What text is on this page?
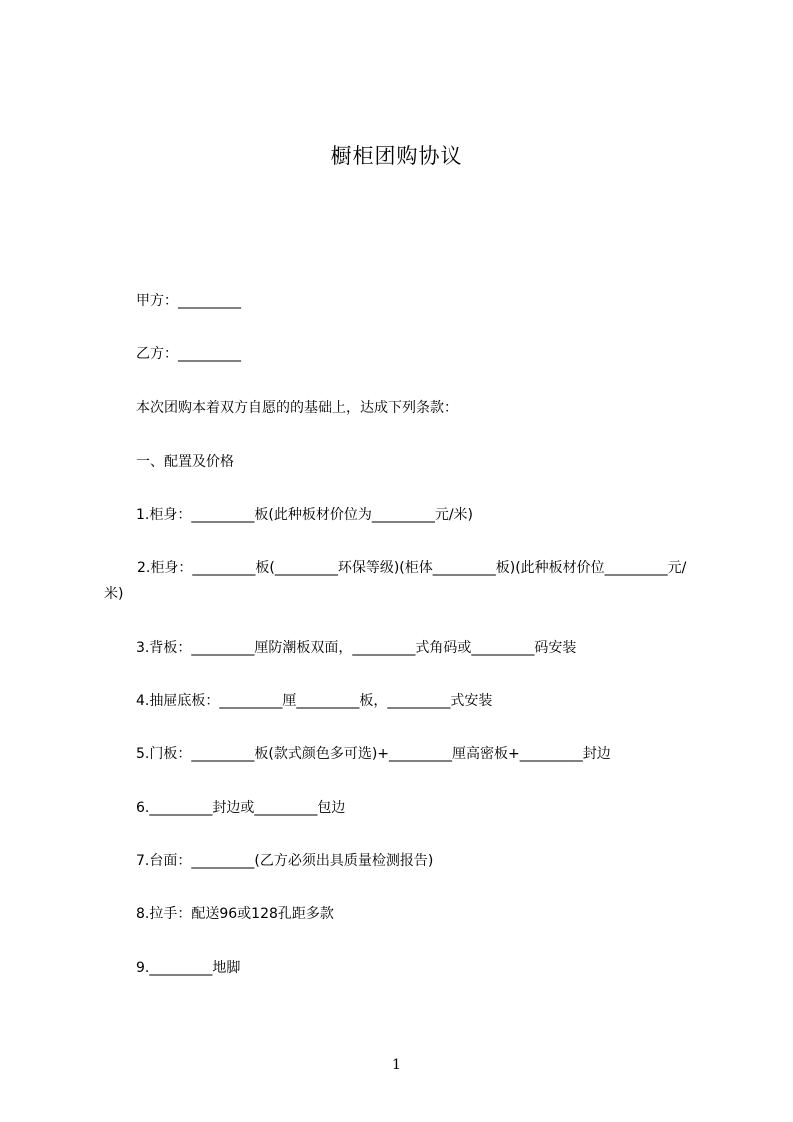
橱柜团购协议
甲方：_________
乙方：_________
本次团购本着双方自愿的的基础上，达成下列条款：
一、配置及价格
1.柜身：_________板(此种板材价位为_________元/米)
2.柜身：_________板(_________环保等级)(柜体_________板)(此种板材价位_________元/米)
3.背板：_________厘防潮板双面，_________式角码或_________码安装
4.抽屉底板：_________厘_________板，_________式安装
5.门板：_________板(款式颜色多可选)+_________厘高密板+_________封边
6._________封边或_________包边
7.台面：_________(乙方必须出具质量检测报告)
8.拉手：配送96或128孔距多款
9._________地脚
1
